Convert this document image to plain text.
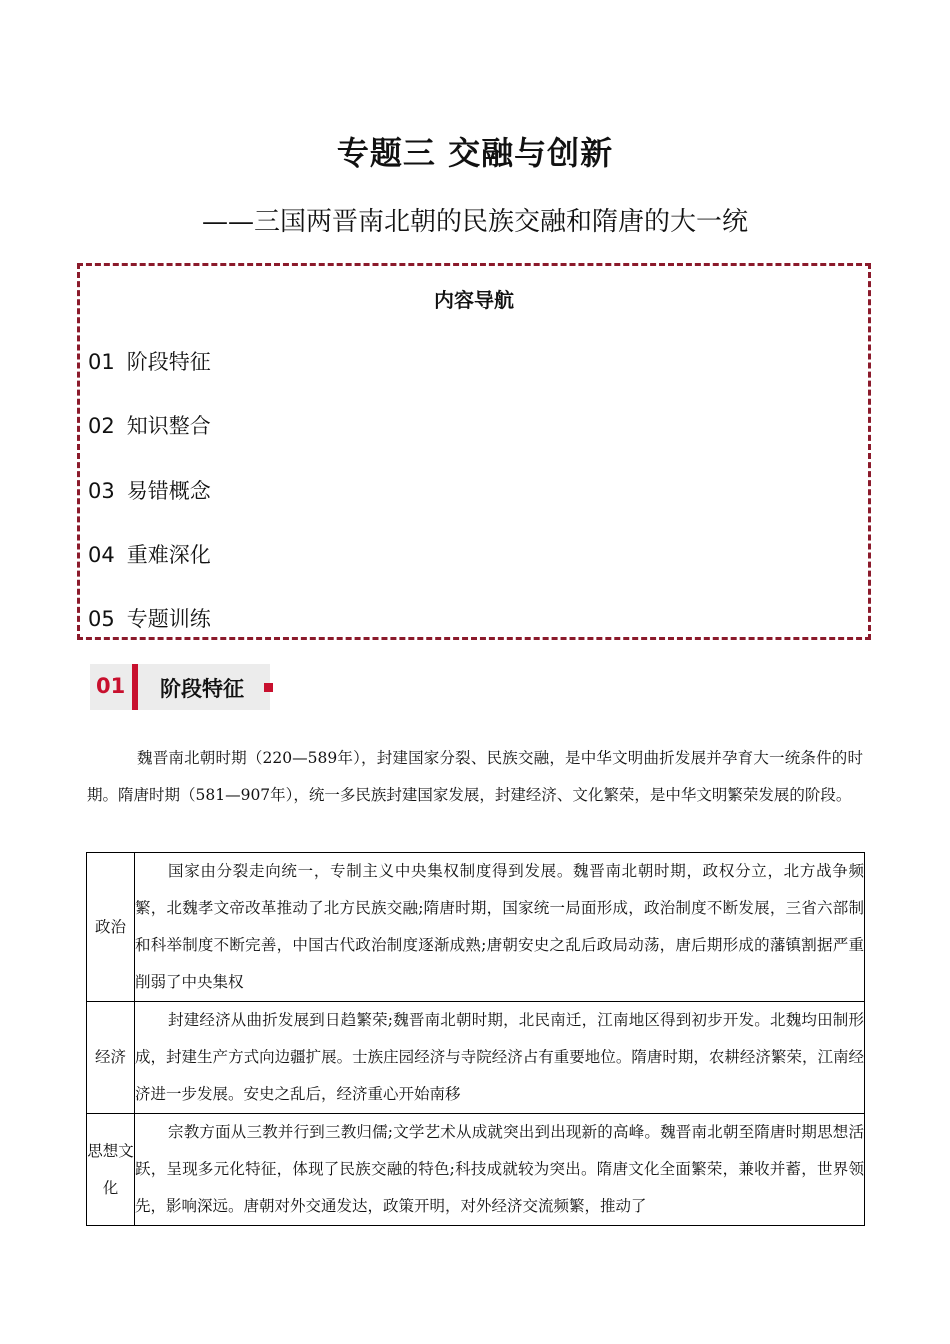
专题三 交融与创新
——三国两晋南北朝的民族交融和隋唐的大一统
内容导航
01 阶段特征
02 知识整合
03 易错概念
04 重难深化
05 专题训练
01 阶段特征
魏晋南北朝时期（220—589年），封建国家分裂、民族交融，是中华文明曲折发展并孕育大一统条件的时期。隋唐时期（581—907年），统一多民族封建国家发展，封建经济、文化繁荣，是中华文明繁荣发展的阶段。
政治	国家由分裂走向统一，专制主义中央集权制度得到发展。魏晋南北朝时期，政权分立，北方战争频繁，北魏孝文帝改革推动了北方民族交融;隋唐时期，国家统一局面形成，政治制度不断发展，三省六部制和科举制度不断完善，中国古代政治制度逐渐成熟;唐朝安史之乱后政局动荡，唐后期形成的藩镇割据严重削弱了中央集权
经济	封建经济从曲折发展到日趋繁荣;魏晋南北朝时期，北民南迁，江南地区得到初步开发。北魏均田制形成，封建生产方式向边疆扩展。士族庄园经济与寺院经济占有重要地位。隋唐时期，农耕经济繁荣，江南经济进一步发展。安史之乱后，经济重心开始南移
思想文化	宗教方面从三教并行到三教归儒;文学艺术从成就突出到出现新的高峰。魏晋南北朝至隋唐时期思想活跃，呈现多元化特征，体现了民族交融的特色;科技成就较为突出。隋唐文化全面繁荣，兼收并蓄，世界领先，影响深远。唐朝对外交通发达，政策开明，对外经济交流频繁，推动了
